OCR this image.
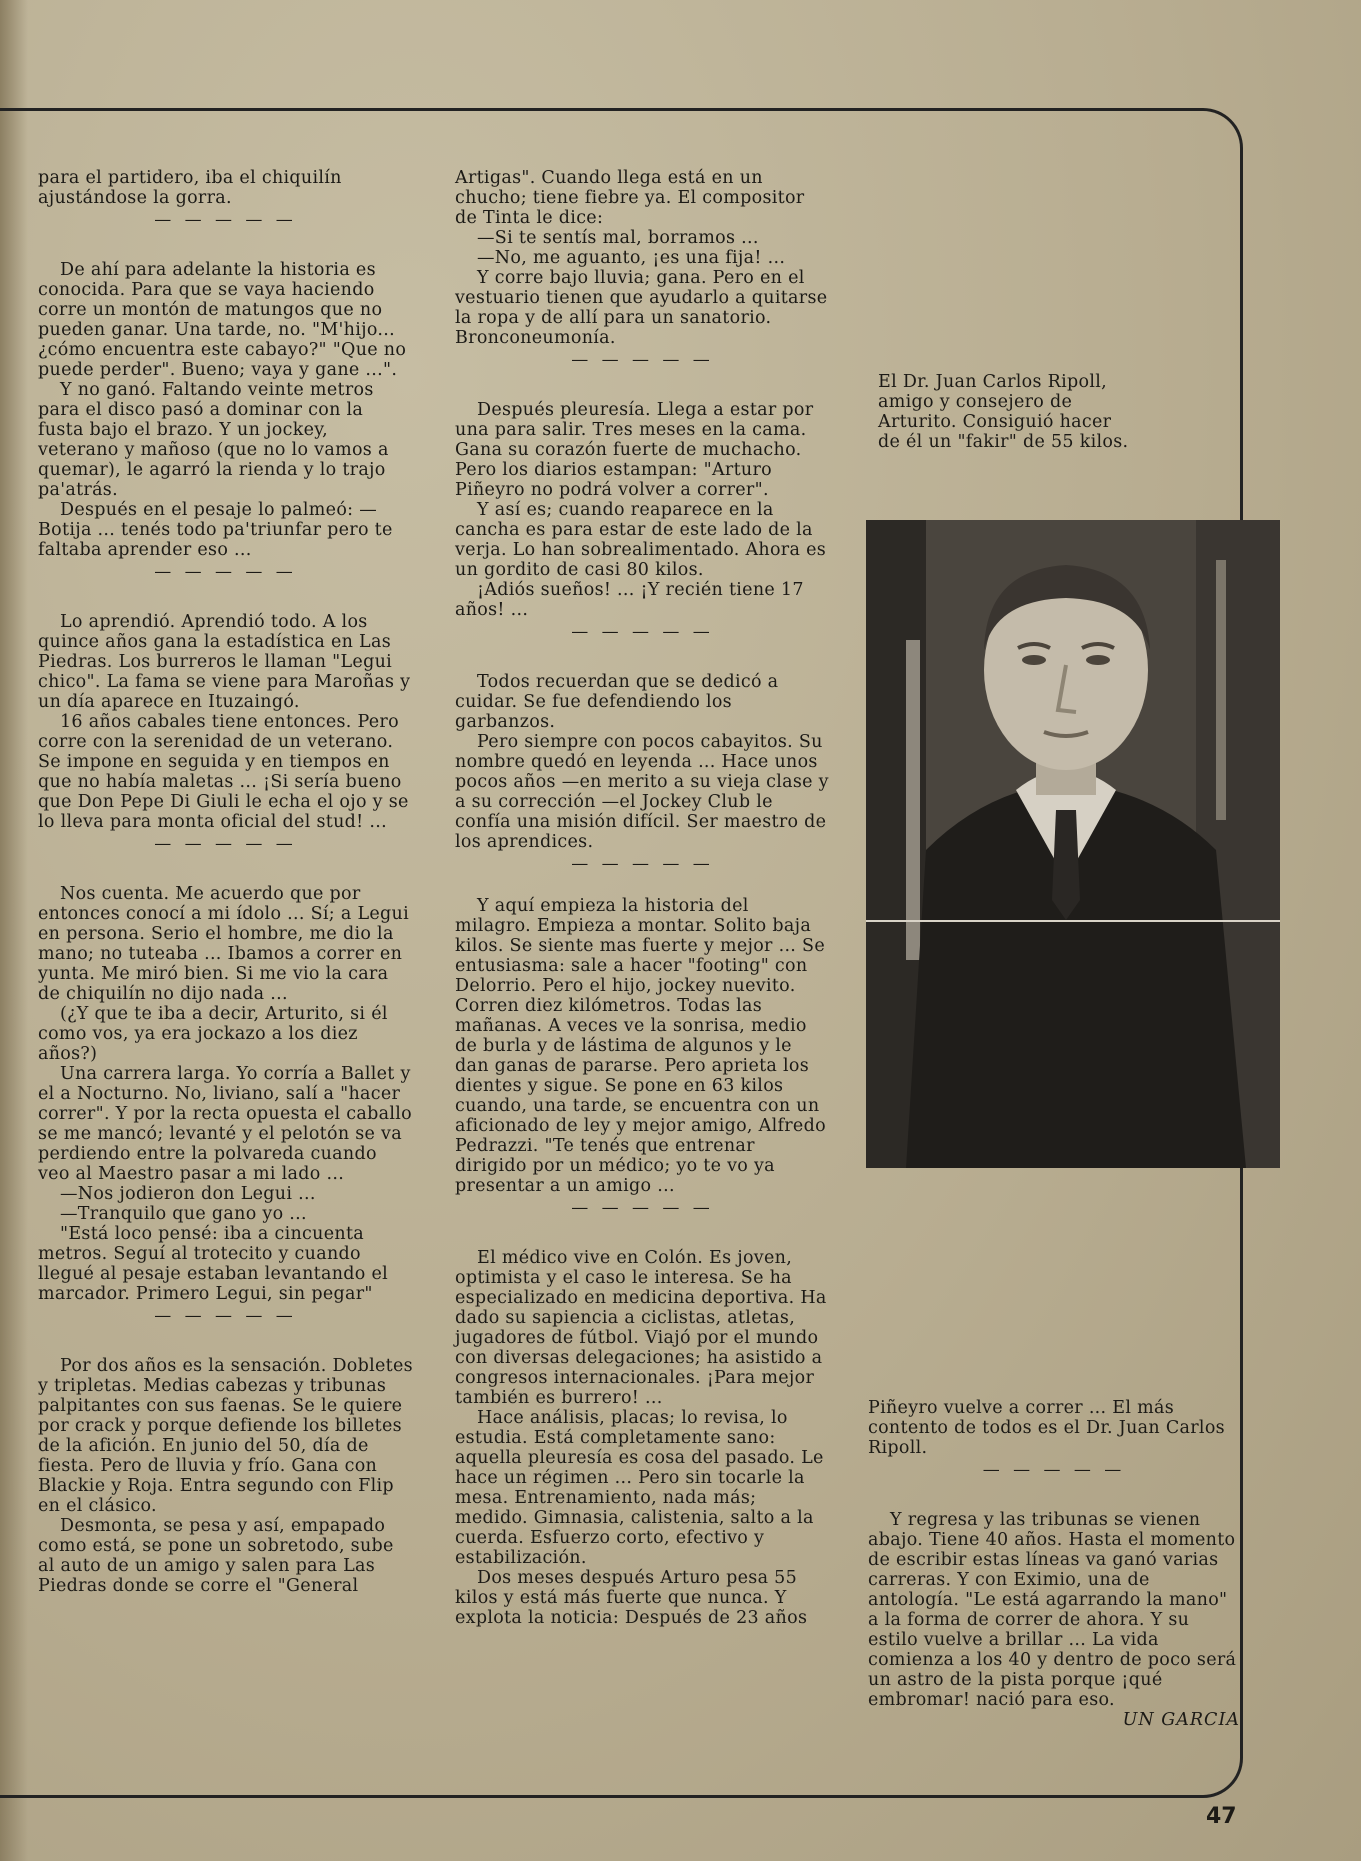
para el partidero, iba el chiquilín ajustándose la gorra.

— — — — —

De ahí para adelante la historia es conocida. Para que se vaya haciendo corre un montón de matungos que no pueden ganar. Una tarde, no. "M'hijo... ¿cómo encuentra este cabayo?" "Que no puede perder". Bueno; vaya y gane ...".

Y no ganó. Faltando veinte metros para el disco pasó a dominar con la fusta bajo el brazo. Y un jockey, veterano y mañoso (que no lo vamos a quemar), le agarró la rienda y lo trajo pa'atrás.

Después en el pesaje lo palmeó: —Botija ... tenés todo pa'triunfar pero te faltaba aprender eso ...

— — — — —

Lo aprendió. Aprendió todo. A los quince años gana la estadística en Las Piedras. Los burreros le llaman "Legui chico". La fama se viene para Maroñas y un día aparece en Ituzaingó.

16 años cabales tiene entonces. Pero corre con la serenidad de un veterano. Se impone en seguida y en tiempos en que no había maletas ... ¡Si sería bueno que Don Pepe Di Giuli le echa el ojo y se lo lleva para monta oficial del stud! ...

— — — — —

Nos cuenta. Me acuerdo que por entonces conocí a mi ídolo ... Sí; a Legui en persona. Serio el hombre, me dio la mano; no tuteaba ... Ibamos a correr en yunta. Me miró bien. Si me vio la cara de chiquilín no dijo nada ...

(¿Y que te iba a decir, Arturito, si él como vos, ya era jockazo a los diez años?)

Una carrera larga. Yo corría a Ballet y el a Nocturno. No, liviano, salí a "hacer correr". Y por la recta opuesta el caballo se me mancó; levanté y el pelotón se va perdiendo entre la polvareda cuando veo al Maestro pasar a mi lado ...

—Nos jodieron don Legui ...

—Tranquilo que gano yo ...

"Está loco pensé: iba a cincuenta metros. Seguí al trotecito y cuando llegué al pesaje estaban levantando el marcador. Primero Legui, sin pegar"

— — — — —

Por dos años es la sensación. Dobletes y tripletas. Medias cabezas y tribunas palpitantes con sus faenas. Se le quiere por crack y porque defiende los billetes de la afición. En junio del 50, día de fiesta. Pero de lluvia y frío. Gana con Blackie y Roja. Entra segundo con Flip en el clásico.

Desmonta, se pesa y así, empapado como está, se pone un sobretodo, sube al auto de un amigo y salen para Las Piedras donde se corre el "General

Artigas". Cuando llega está en un chucho; tiene fiebre ya. El compositor de Tinta le dice:

—Si te sentís mal, borramos ...

—No, me aguanto, ¡es una fija! ...

Y corre bajo lluvia; gana. Pero en el vestuario tienen que ayudarlo a quitarse la ropa y de allí para un sanatorio. Bronconeumonía.

— — — — —

Después pleuresía. Llega a estar por una para salir. Tres meses en la cama. Gana su corazón fuerte de muchacho. Pero los diarios estampan: "Arturo Piñeyro no podrá volver a correr".

Y así es; cuando reaparece en la cancha es para estar de este lado de la verja. Lo han sobrealimentado. Ahora es un gordito de casi 80 kilos.

¡Adiós sueños! ... ¡Y recién tiene 17 años! ...

— — — — —

Todos recuerdan que se dedicó a cuidar. Se fue defendiendo los garbanzos.

Pero siempre con pocos cabayitos. Su nombre quedó en leyenda ... Hace unos pocos años —en merito a su vieja clase y a su corrección —el Jockey Club le confía una misión difícil. Ser maestro de los aprendices.

— — — — —

Y aquí empieza la historia del milagro. Empieza a montar. Solito baja kilos. Se siente mas fuerte y mejor ... Se entusiasma: sale a hacer "footing" con Delorrio. Pero el hijo, jockey nuevito. Corren diez kilómetros. Todas las mañanas. A veces ve la sonrisa, medio de burla y de lástima de algunos y le dan ganas de pararse. Pero aprieta los dientes y sigue. Se pone en 63 kilos cuando, una tarde, se encuentra con un aficionado de ley y mejor amigo, Alfredo Pedrazzi. "Te tenés que entrenar dirigido por un médico; yo te vo ya presentar a un amigo ...

— — — — —

El médico vive en Colón. Es joven, optimista y el caso le interesa. Se ha especializado en medicina deportiva. Ha dado su sapiencia a ciclistas, atletas, jugadores de fútbol. Viajó por el mundo con diversas delegaciones; ha asistido a congresos internacionales. ¡Para mejor también es burrero! ...

Hace análisis, placas; lo revisa, lo estudia. Está completamente sano: aquella pleuresía es cosa del pasado. Le hace un régimen ... Pero sin tocarle la mesa. Entrenamiento, nada más; medido. Gimnasia, calistenia, salto a la cuerda. Esfuerzo corto, efectivo y estabilización.

Dos meses después Arturo pesa 55 kilos y está más fuerte que nunca. Y explota la noticia: Después de 23 años

El Dr. Juan Carlos Ripoll, amigo y consejero de Arturito. Consiguió hacer de él un "fakir" de 55 kilos.

Piñeyro vuelve a correr ... El más contento de todos es el Dr. Juan Carlos Ripoll.

— — — — —

Y regresa y las tribunas se vienen abajo. Tiene 40 años. Hasta el momento de escribir estas líneas va ganó varias carreras. Y con Eximio, una de antología. "Le está agarrando la mano" a la forma de correr de ahora. Y su estilo vuelve a brillar ... La vida comienza a los 40 y dentro de poco será un astro de la pista porque ¡qué embromar! nació para eso.

UN GARCIA
47
